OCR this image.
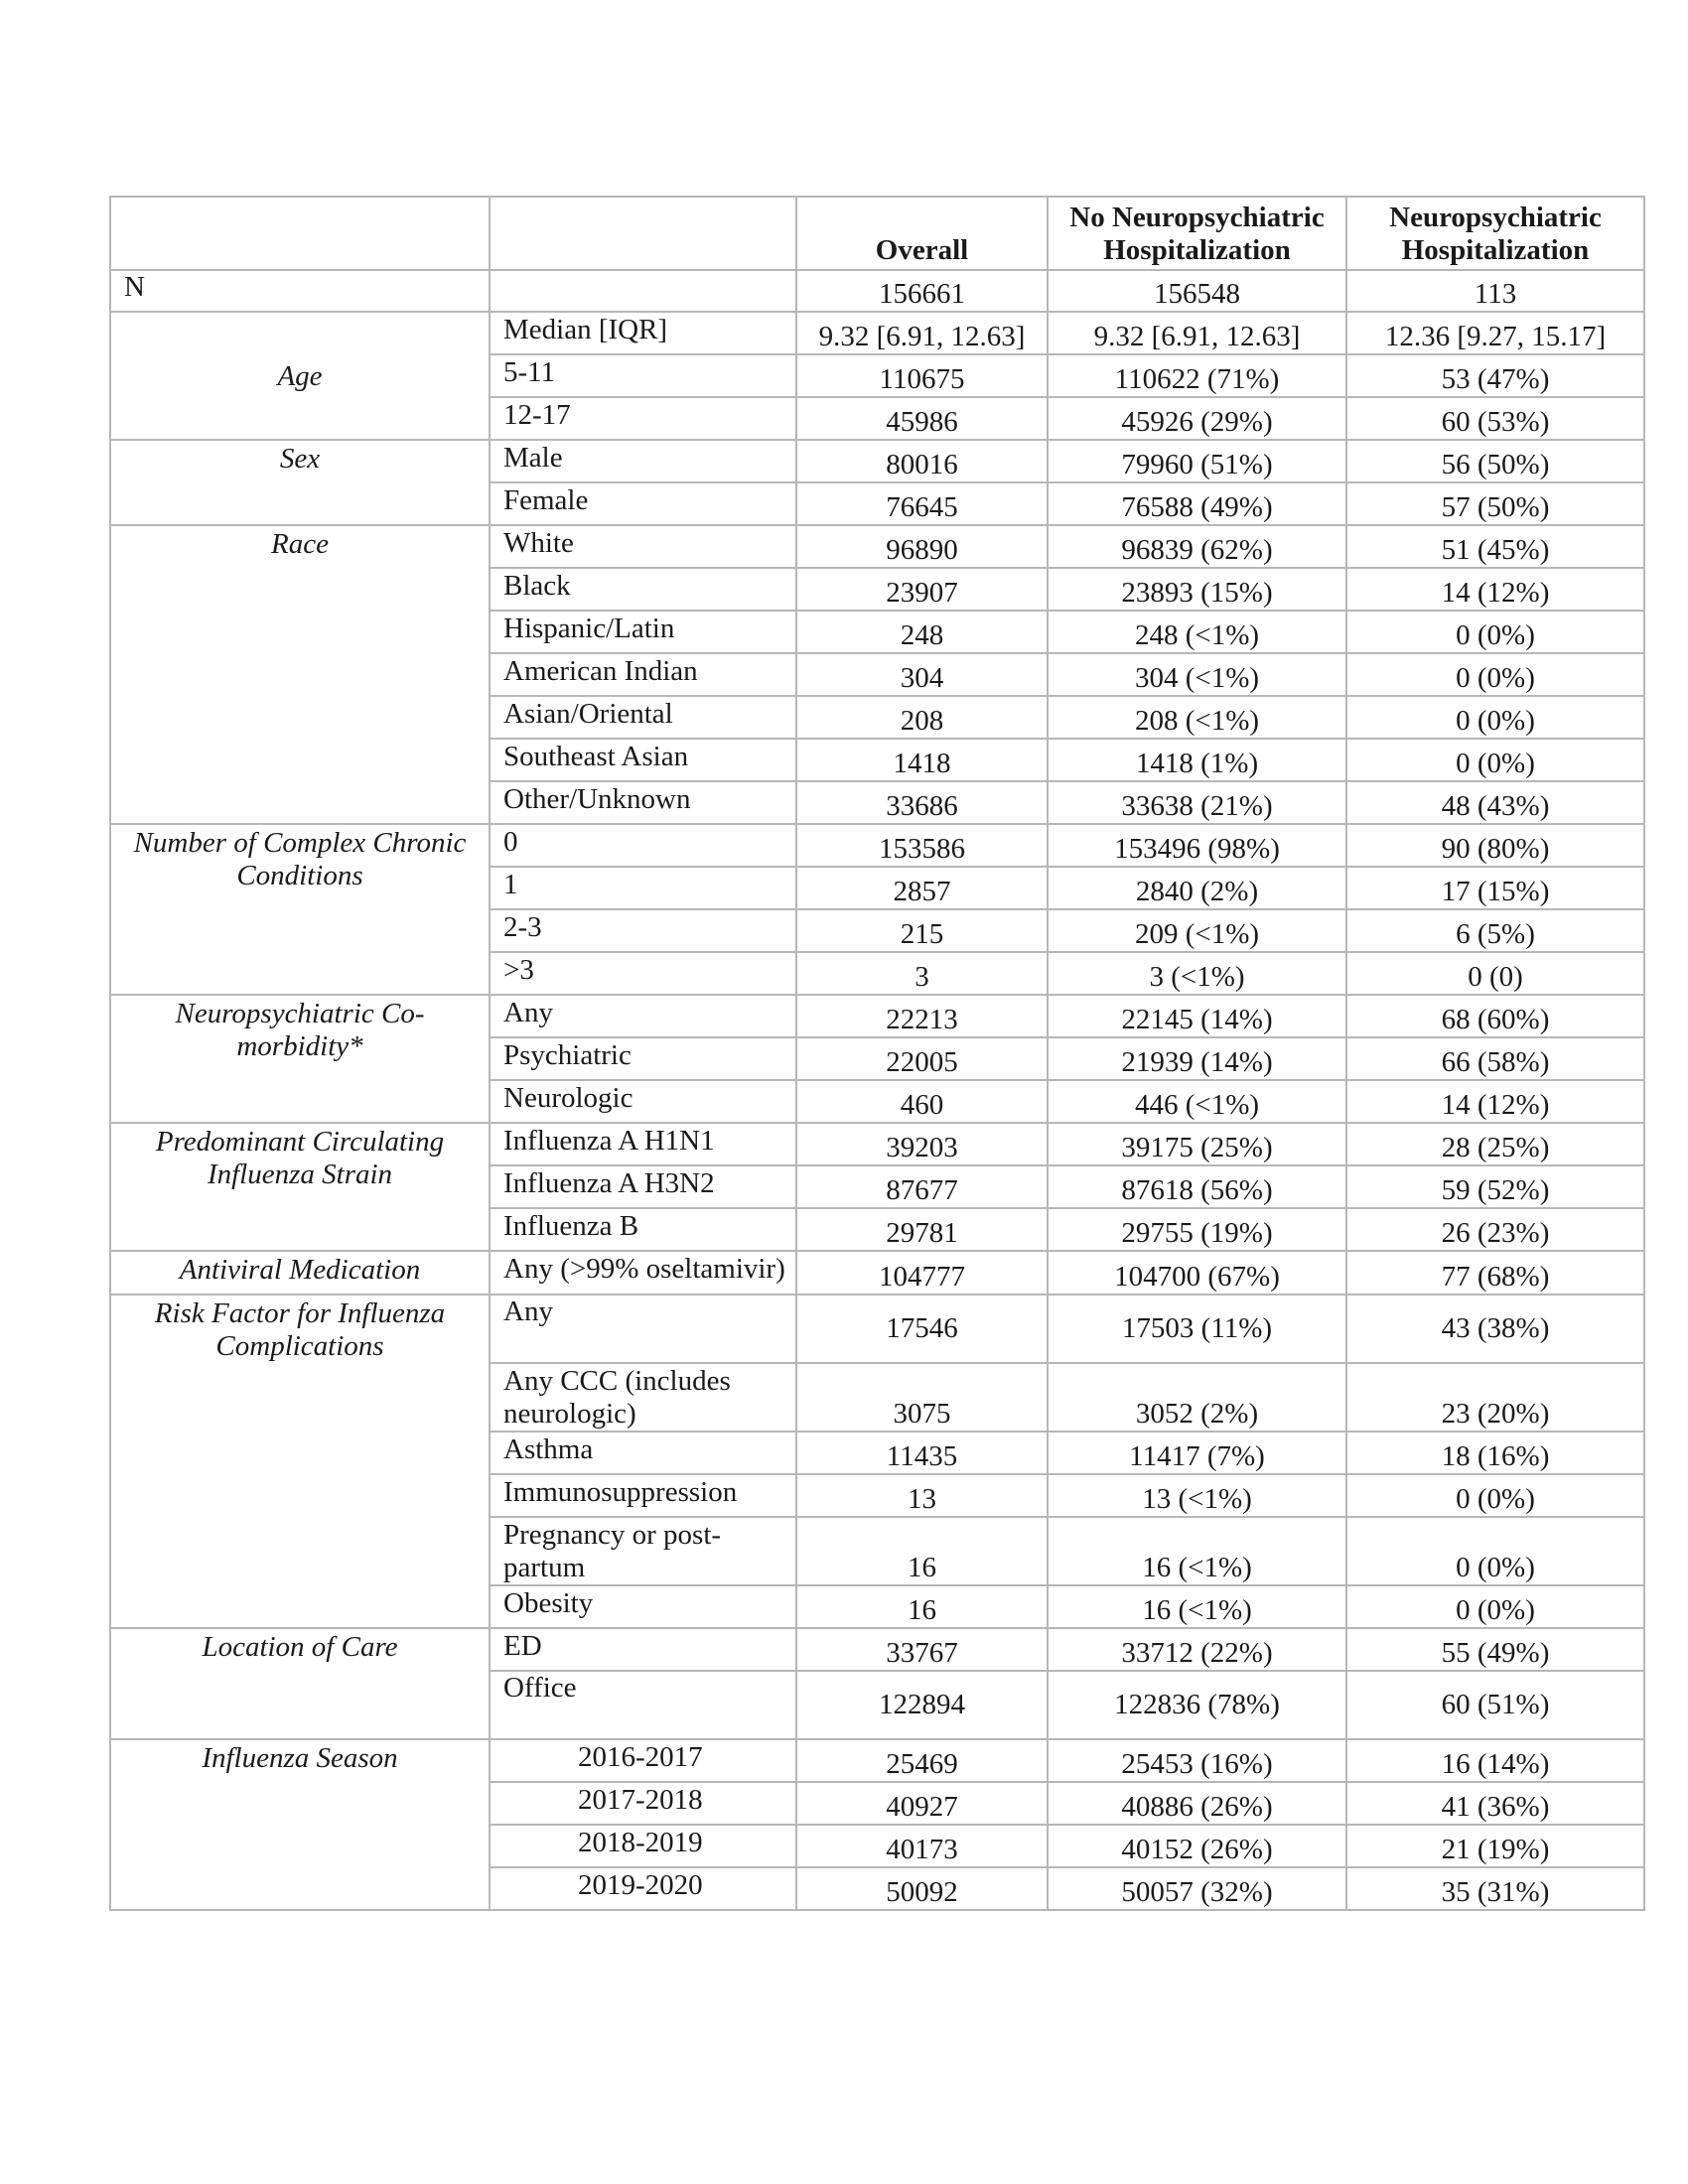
		Overall	No Neuropsychiatric Hospitalization	Neuropsychiatric Hospitalization
N		156661	156548	113
Age	Median [IQR]	9.32 [6.91, 12.63]	9.32 [6.91, 12.63]	12.36 [9.27, 15.17]
	5-11	110675	110622 (71%)	53 (47%)
	12-17	45986	45926 (29%)	60 (53%)
Sex	Male	80016	79960 (51%)	56 (50%)
	Female	76645	76588 (49%)	57 (50%)
Race	White	96890	96839 (62%)	51 (45%)
	Black	23907	23893 (15%)	14 (12%)
	Hispanic/Latin	248	248 (<1%)	0 (0%)
	American Indian	304	304 (<1%)	0 (0%)
	Asian/Oriental	208	208 (<1%)	0 (0%)
	Southeast Asian	1418	1418 (1%)	0 (0%)
	Other/Unknown	33686	33638 (21%)	48 (43%)
Number of Complex Chronic Conditions	0	153586	153496 (98%)	90 (80%)
	1	2857	2840 (2%)	17 (15%)
	2-3	215	209 (<1%)	6 (5%)
	>3	3	3 (<1%)	0 (0)
Neuropsychiatric Co-morbidity*	Any	22213	22145 (14%)	68 (60%)
	Psychiatric	22005	21939 (14%)	66 (58%)
	Neurologic	460	446 (<1%)	14 (12%)
Predominant Circulating Influenza Strain	Influenza A H1N1	39203	39175 (25%)	28 (25%)
	Influenza A H3N2	87677	87618 (56%)	59 (52%)
	Influenza B	29781	29755 (19%)	26 (23%)
Antiviral Medication	Any (>99% oseltamivir)	104777	104700 (67%)	77 (68%)
Risk Factor for Influenza Complications	Any	17546	17503 (11%)	43 (38%)
	Any CCC (includes neurologic)	3075	3052 (2%)	23 (20%)
	Asthma	11435	11417 (7%)	18 (16%)
	Immunosuppression	13	13 (<1%)	0 (0%)
	Pregnancy or post-partum	16	16 (<1%)	0 (0%)
	Obesity	16	16 (<1%)	0 (0%)
Location of Care	ED	33767	33712 (22%)	55 (49%)
	Office	122894	122836 (78%)	60 (51%)
Influenza Season	2016-2017	25469	25453 (16%)	16 (14%)
	2017-2018	40927	40886 (26%)	41 (36%)
	2018-2019	40173	40152 (26%)	21 (19%)
	2019-2020	50092	50057 (32%)	35 (31%)
